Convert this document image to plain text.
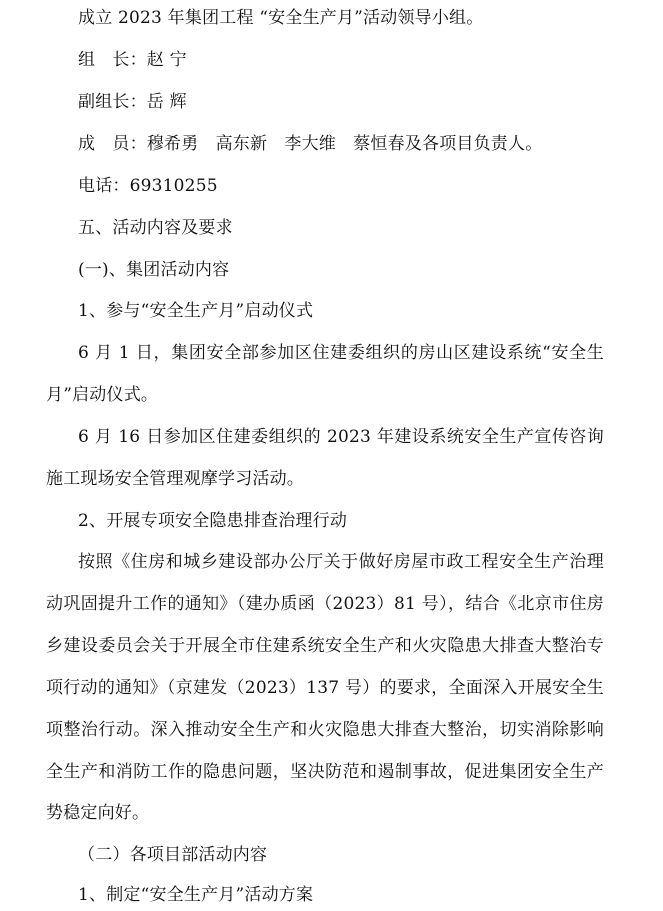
成立 2023 年集团工程 “安全生产月”活动领导小组。
组　长：赵 宁
副组长：岳 辉
成　员：穆希勇　高东新　李大维　蔡恒春及各项目负责人。
电话：69310255
五、活动内容及要求
(一)、集团活动内容
1、参与“安全生产月”启动仪式
6 月 1 日，集团安全部参加区住建委组织的房山区建设系统“安全生
月”启动仪式。
6 月 16 日参加区住建委组织的 2023 年建设系统安全生产宣传咨询
施工现场安全管理观摩学习活动。
2、开展专项安全隐患排查治理行动
按照《住房和城乡建设部办公厅关于做好房屋市政工程安全生产治理
动巩固提升工作的通知》（建办质函（2023）81 号），结合《北京市住房
乡建设委员会关于开展全市住建系统安全生产和火灾隐患大排查大整治专
项行动的通知》（京建发（2023）137 号）的要求，全面深入开展安全生
项整治行动。深入推动安全生产和火灾隐患大排查大整治，切实消除影响
全生产和消防工作的隐患问题，坚决防范和遏制事故，促进集团安全生产
势稳定向好。
（二）各项目部活动内容
1、制定“安全生产月”活动方案
